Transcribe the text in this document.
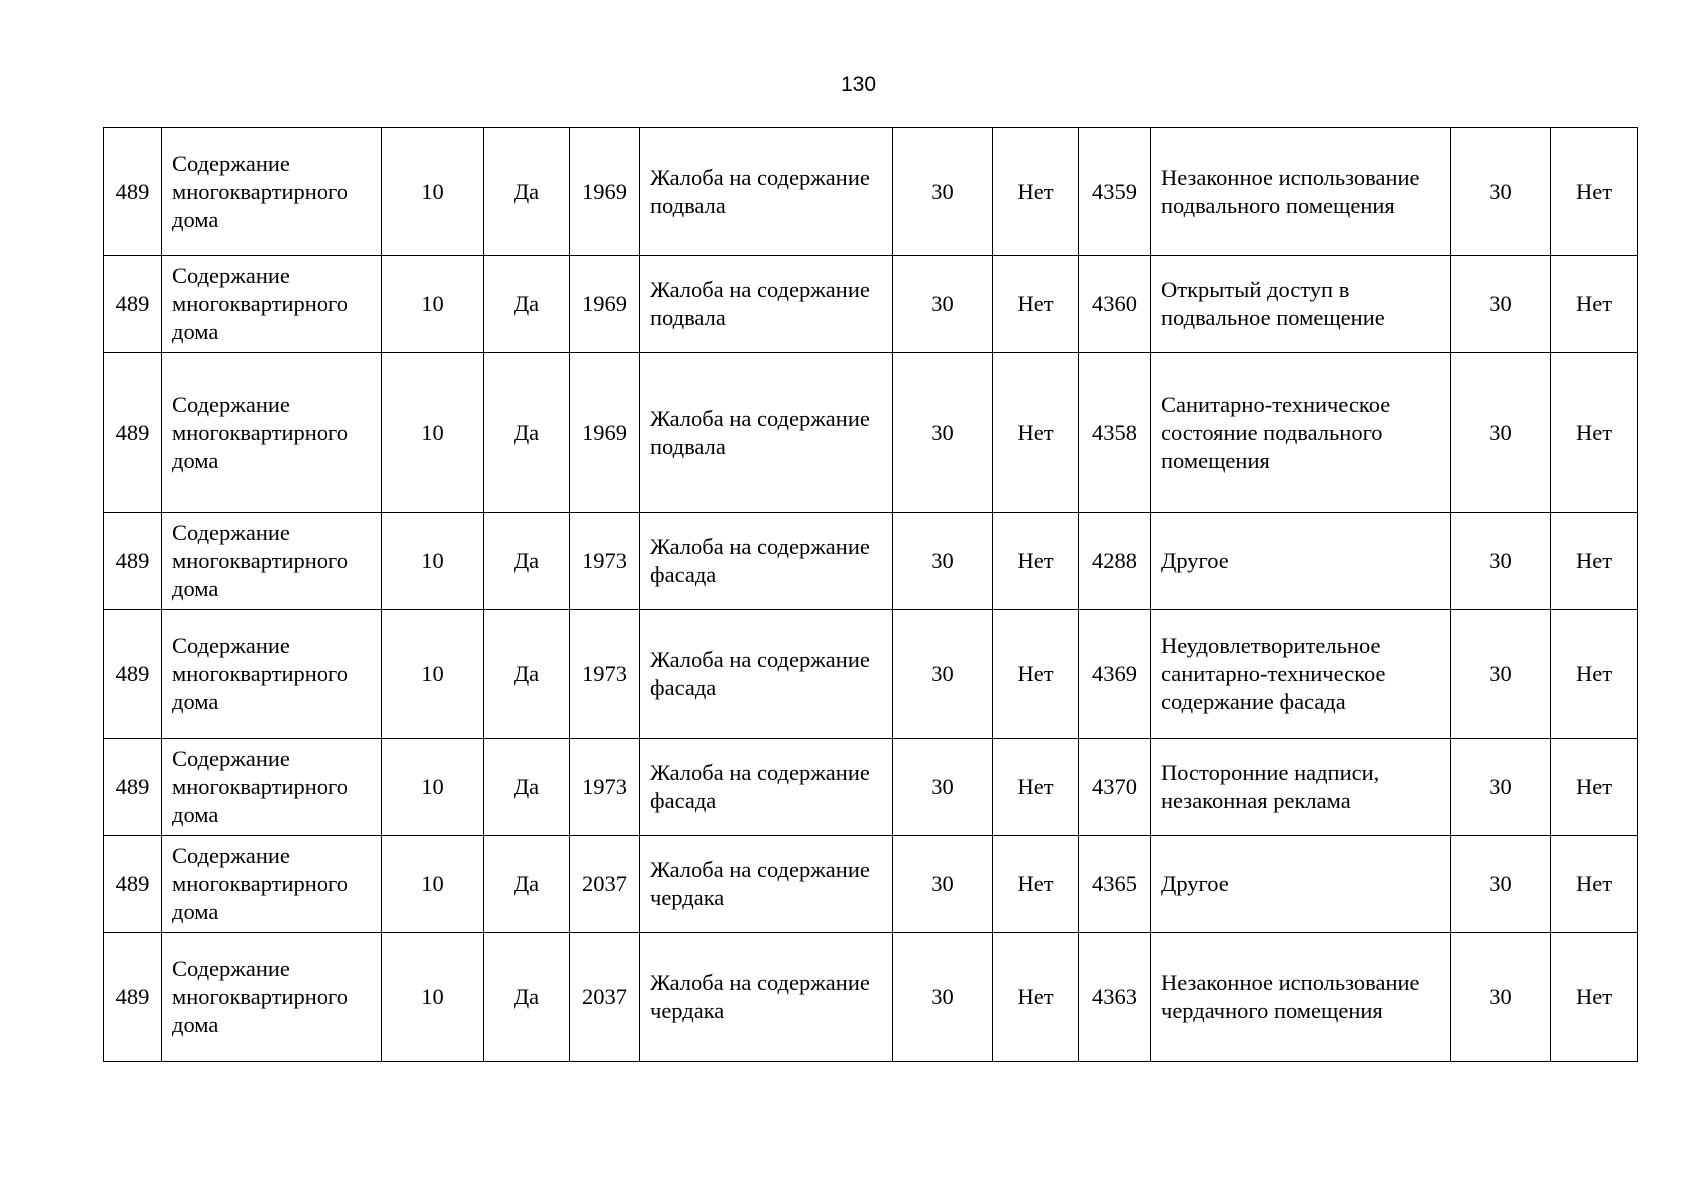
130
489	Содержание многоквартирного дома	10	Да	1969	Жалоба на содержание подвала	30	Нет	4359	Незаконное использование подвального помещения	30	Нет
489	Содержание многоквартирного дома	10	Да	1969	Жалоба на содержание подвала	30	Нет	4360	Открытый доступ в подвальное помещение	30	Нет
489	Содержание многоквартирного дома	10	Да	1969	Жалоба на содержание подвала	30	Нет	4358	Санитарно-техническое состояние подвального помещения	30	Нет
489	Содержание многоквартирного дома	10	Да	1973	Жалоба на содержание фасада	30	Нет	4288	Другое	30	Нет
489	Содержание многоквартирного дома	10	Да	1973	Жалоба на содержание фасада	30	Нет	4369	Неудовлетворительное санитарно-техническое содержание фасада	30	Нет
489	Содержание многоквартирного дома	10	Да	1973	Жалоба на содержание фасада	30	Нет	4370	Посторонние надписи, незаконная реклама	30	Нет
489	Содержание многоквартирного дома	10	Да	2037	Жалоба на содержание чердака	30	Нет	4365	Другое	30	Нет
489	Содержание многоквартирного дома	10	Да	2037	Жалоба на содержание чердака	30	Нет	4363	Незаконное использование чердачного помещения	30	Нет
